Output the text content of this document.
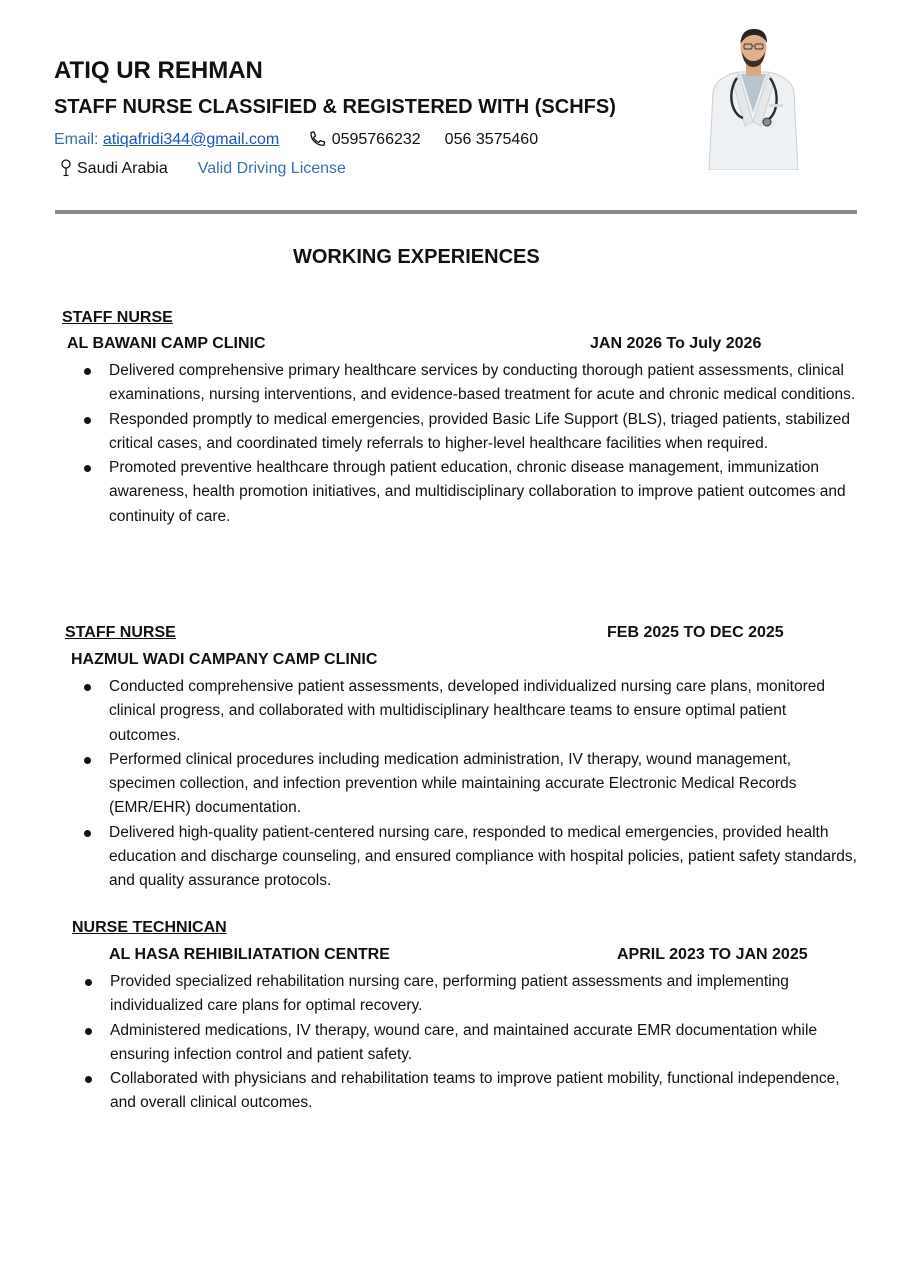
ATIQ UR REHMAN
STAFF NURSE CLASSIFIED & REGISTERED WITH (SCHFS)
Email: atiqafridi344@gmail.com	0595766232 056 3575460
Saudi Arabia Valid Driving License
WORKING EXPERIENCES
STAFF NURSE
AL BAWANI CAMP CLINIC	JAN 2026 To July 2026
Delivered comprehensive primary healthcare services by conducting thorough patient assessments, clinical examinations, nursing interventions, and evidence-based treatment for acute and chronic medical conditions.
Responded promptly to medical emergencies, provided Basic Life Support (BLS), triaged patients, stabilized critical cases, and coordinated timely referrals to higher-level healthcare facilities when required.
Promoted preventive healthcare through patient education, chronic disease management, immunization awareness, health promotion initiatives, and multidisciplinary collaboration to improve patient outcomes and continuity of care.
STAFF NURSE	FEB 2025 TO DEC 2025
HAZMUL WADI CAMPANY CAMP CLINIC
Conducted comprehensive patient assessments, developed individualized nursing care plans, monitored clinical progress, and collaborated with multidisciplinary healthcare teams to ensure optimal patient outcomes.
Performed clinical procedures including medication administration, IV therapy, wound management, specimen collection, and infection prevention while maintaining accurate Electronic Medical Records (EMR/EHR) documentation.
Delivered high-quality patient-centered nursing care, responded to medical emergencies, provided health education and discharge counseling, and ensured compliance with hospital policies, patient safety standards, and quality assurance protocols.
NURSE TECHNICAN
AL HASA REHIBILIATATION CENTRE	APRIL 2023 TO JAN 2025
Provided specialized rehabilitation nursing care, performing patient assessments and implementing individualized care plans for optimal recovery.
Administered medications, IV therapy, wound care, and maintained accurate EMR documentation while ensuring infection control and patient safety.
Collaborated with physicians and rehabilitation teams to improve patient mobility, functional independence, and overall clinical outcomes.
